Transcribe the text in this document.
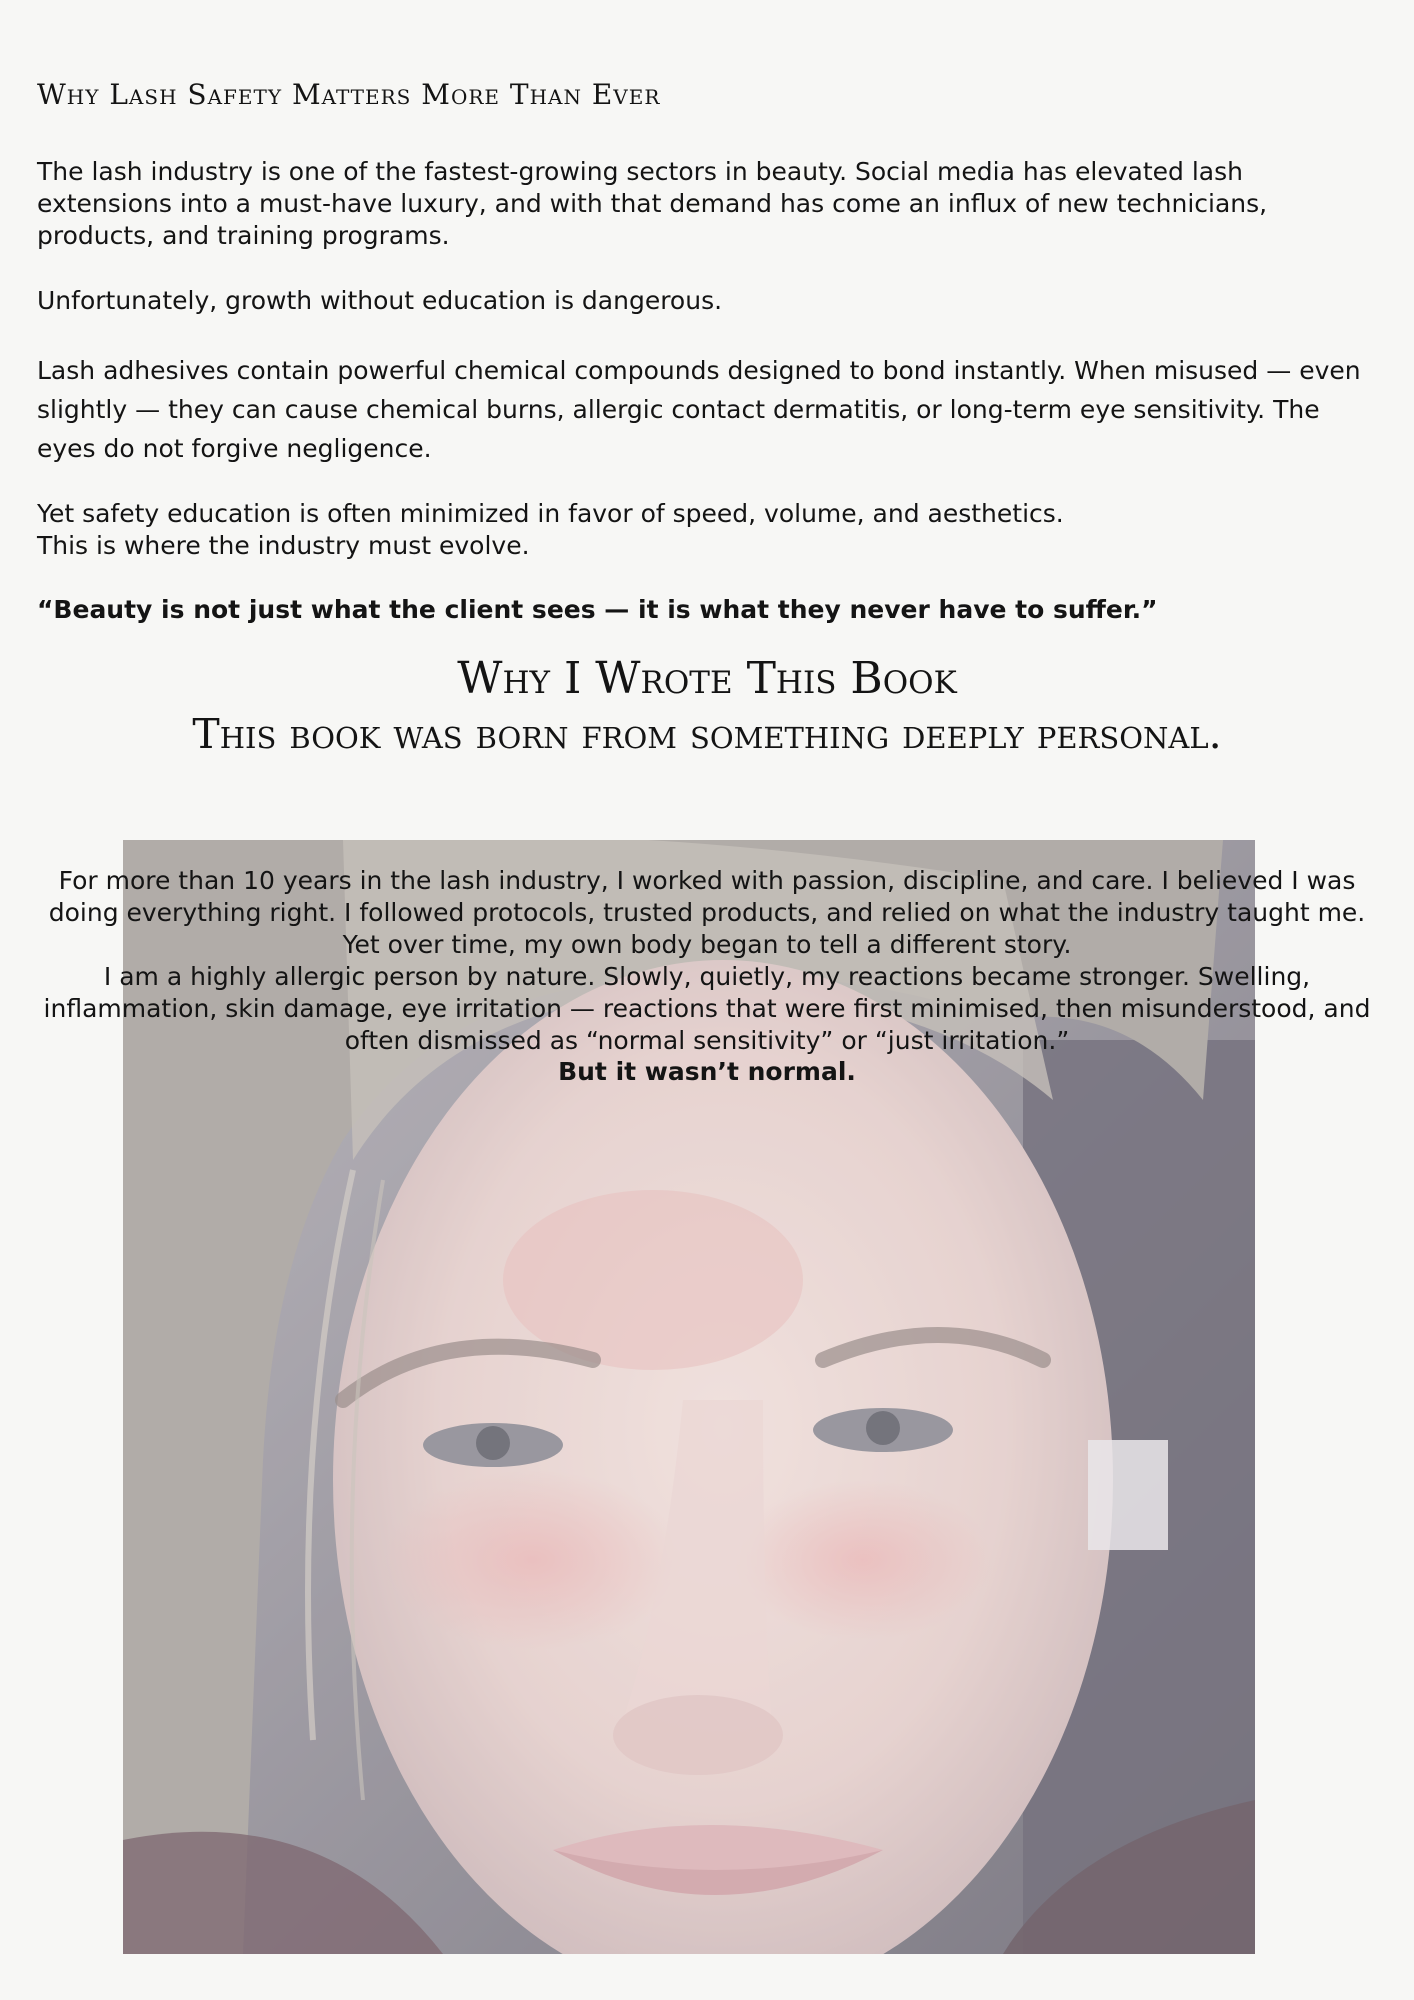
Why Lash Safety Matters More Than Ever

The lash industry is one of the fastest-growing sectors in beauty. Social media has elevated lash extensions into a must-have luxury, and with that demand has come an influx of new technicians, products, and training programs.

Unfortunately, growth without education is dangerous.

Lash adhesives contain powerful chemical compounds designed to bond instantly. When misused — even slightly — they can cause chemical burns, allergic contact dermatitis, or long-term eye sensitivity. The eyes do not forgive negligence.

Yet safety education is often minimized in favor of speed, volume, and aesthetics.
This is where the industry must evolve.

“Beauty is not just what the client sees — it is what they never have to suffer.”

Why I Wrote This Book
This book was born from something deeply personal.

For more than 10 years in the lash industry, I worked with passion, discipline, and care. I believed I was doing everything right. I followed protocols, trusted products, and relied on what the industry taught me. Yet over time, my own body began to tell a different story.

I am a highly allergic person by nature. Slowly, quietly, my reactions became stronger. Swelling, inflammation, skin damage, eye irritation — reactions that were first minimised, then misunderstood, and often dismissed as “normal sensitivity” or “just irritation.”

But it wasn’t normal.
